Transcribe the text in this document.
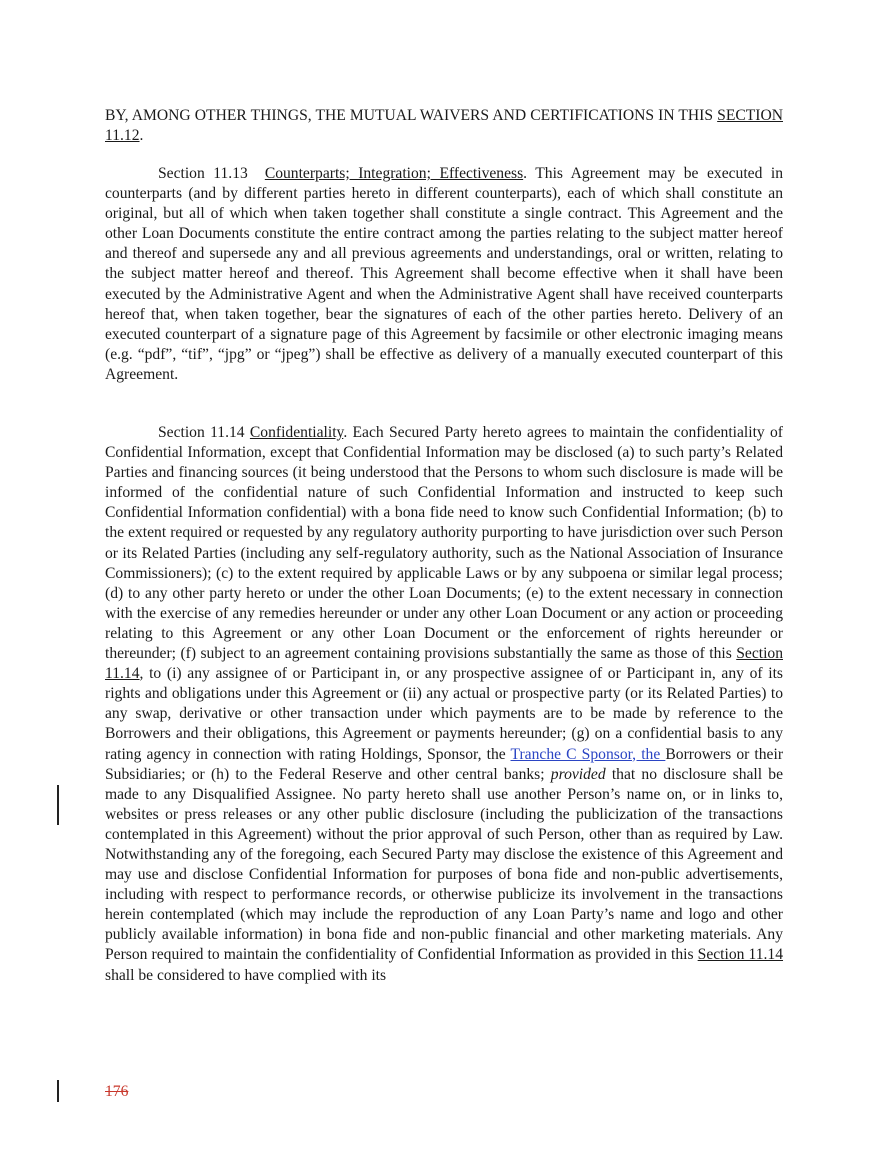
BY, AMONG OTHER THINGS, THE MUTUAL WAIVERS AND CERTIFICATIONS IN THIS SECTION 11.12.
Section 11.13 Counterparts; Integration; Effectiveness. This Agreement may be executed in counterparts (and by different parties hereto in different counterparts), each of which shall constitute an original, but all of which when taken together shall constitute a single contract. This Agreement and the other Loan Documents constitute the entire contract among the parties relating to the subject matter hereof and thereof and supersede any and all previous agreements and understandings, oral or written, relating to the subject matter hereof and thereof. This Agreement shall become effective when it shall have been executed by the Administrative Agent and when the Administrative Agent shall have received counterparts hereof that, when taken together, bear the signatures of each of the other parties hereto. Delivery of an executed counterpart of a signature page of this Agreement by facsimile or other electronic imaging means (e.g. “pdf”, “tif”, “jpg” or “jpeg”) shall be effective as delivery of a manually executed counterpart of this Agreement.
Section 11.14 Confidentiality. Each Secured Party hereto agrees to maintain the confidentiality of Confidential Information, except that Confidential Information may be disclosed (a) to such party’s Related Parties and financing sources (it being understood that the Persons to whom such disclosure is made will be informed of the confidential nature of such Confidential Information and instructed to keep such Confidential Information confidential) with a bona fide need to know such Confidential Information; (b) to the extent required or requested by any regulatory authority purporting to have jurisdiction over such Person or its Related Parties (including any self-regulatory authority, such as the National Association of Insurance Commissioners); (c) to the extent required by applicable Laws or by any subpoena or similar legal process; (d) to any other party hereto or under the other Loan Documents; (e) to the extent necessary in connection with the exercise of any remedies hereunder or under any other Loan Document or any action or proceeding relating to this Agreement or any other Loan Document or the enforcement of rights hereunder or thereunder; (f) subject to an agreement containing provisions substantially the same as those of this Section 11.14, to (i) any assignee of or Participant in, or any prospective assignee of or Participant in, any of its rights and obligations under this Agreement or (ii) any actual or prospective party (or its Related Parties) to any swap, derivative or other transaction under which payments are to be made by reference to the Borrowers and their obligations, this Agreement or payments hereunder; (g) on a confidential basis to any rating agency in connection with rating Holdings, Sponsor, the Tranche C Sponsor, the Borrowers or their Subsidiaries; or (h) to the Federal Reserve and other central banks; provided that no disclosure shall be made to any Disqualified Assignee. No party hereto shall use another Person’s name on, or in links to, websites or press releases or any other public disclosure (including the publicization of the transactions contemplated in this Agreement) without the prior approval of such Person, other than as required by Law. Notwithstanding any of the foregoing, each Secured Party may disclose the existence of this Agreement and may use and disclose Confidential Information for purposes of bona fide and non-public advertisements, including with respect to performance records, or otherwise publicize its involvement in the transactions herein contemplated (which may include the reproduction of any Loan Party’s name and logo and other publicly available information) in bona fide and non-public financial and other marketing materials. Any Person required to maintain the confidentiality of Confidential Information as provided in this Section 11.14 shall be considered to have complied with its
176
